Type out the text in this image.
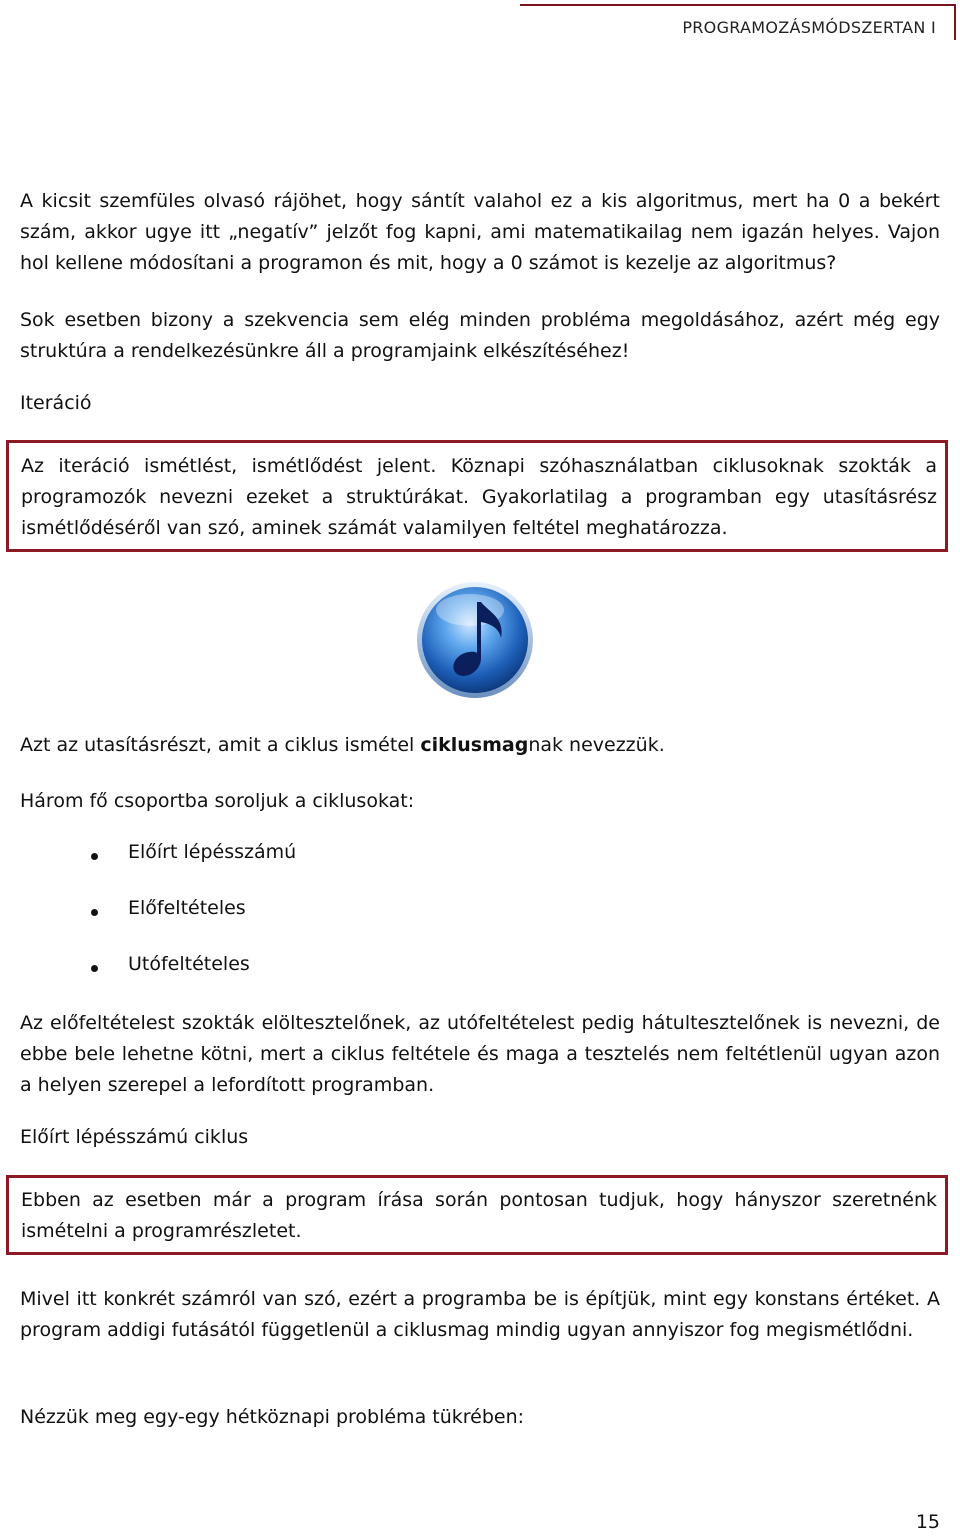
PROGRAMOZÁSMÓDSZERTAN I

A kicsit szemfüles olvasó rájöhet, hogy sántít valahol ez a kis algoritmus, mert ha 0 a bekért szám, akkor ugye itt „negatív” jelzőt fog kapni, ami matematikailag nem igazán helyes. Vajon hol kellene módosítani a programon és mit, hogy a 0 számot is kezelje az algoritmus?

Sok esetben bizony a szekvencia sem elég minden probléma megoldásához, azért még egy struktúra a rendelkezésünkre áll a programjaink elkészítéséhez!

Iteráció

Az iteráció ismétlést, ismétlődést jelent. Köznapi szóhasználatban ciklusoknak szokták a programozók nevezni ezeket a struktúrákat. Gyakorlatilag a programban egy utasításrész ismétlődéséről van szó, aminek számát valamilyen feltétel meghatározza.

Azt az utasításrészt, amit a ciklus ismétel ciklusmagnak nevezzük.

Három fő csoportba soroljuk a ciklusokat:

Előírt lépésszámú
Előfeltételes
Utófeltételes

Az előfeltételest szokták elöltesztelőnek, az utófeltételest pedig hátultesztelőnek is nevezni, de ebbe bele lehetne kötni, mert a ciklus feltétele és maga a tesztelés nem feltétlenül ugyan azon a helyen szerepel a lefordított programban.

Előírt lépésszámú ciklus

Ebben az esetben már a program írása során pontosan tudjuk, hogy hányszor szeretnénk ismételni a programrészletet.

Mivel itt konkrét számról van szó, ezért a programba be is építjük, mint egy konstans értéket. A program addigi futásától függetlenül a ciklusmag mindig ugyan annyiszor fog megismétlődni.

Nézzük meg egy-egy hétköznapi probléma tükrében:

15
